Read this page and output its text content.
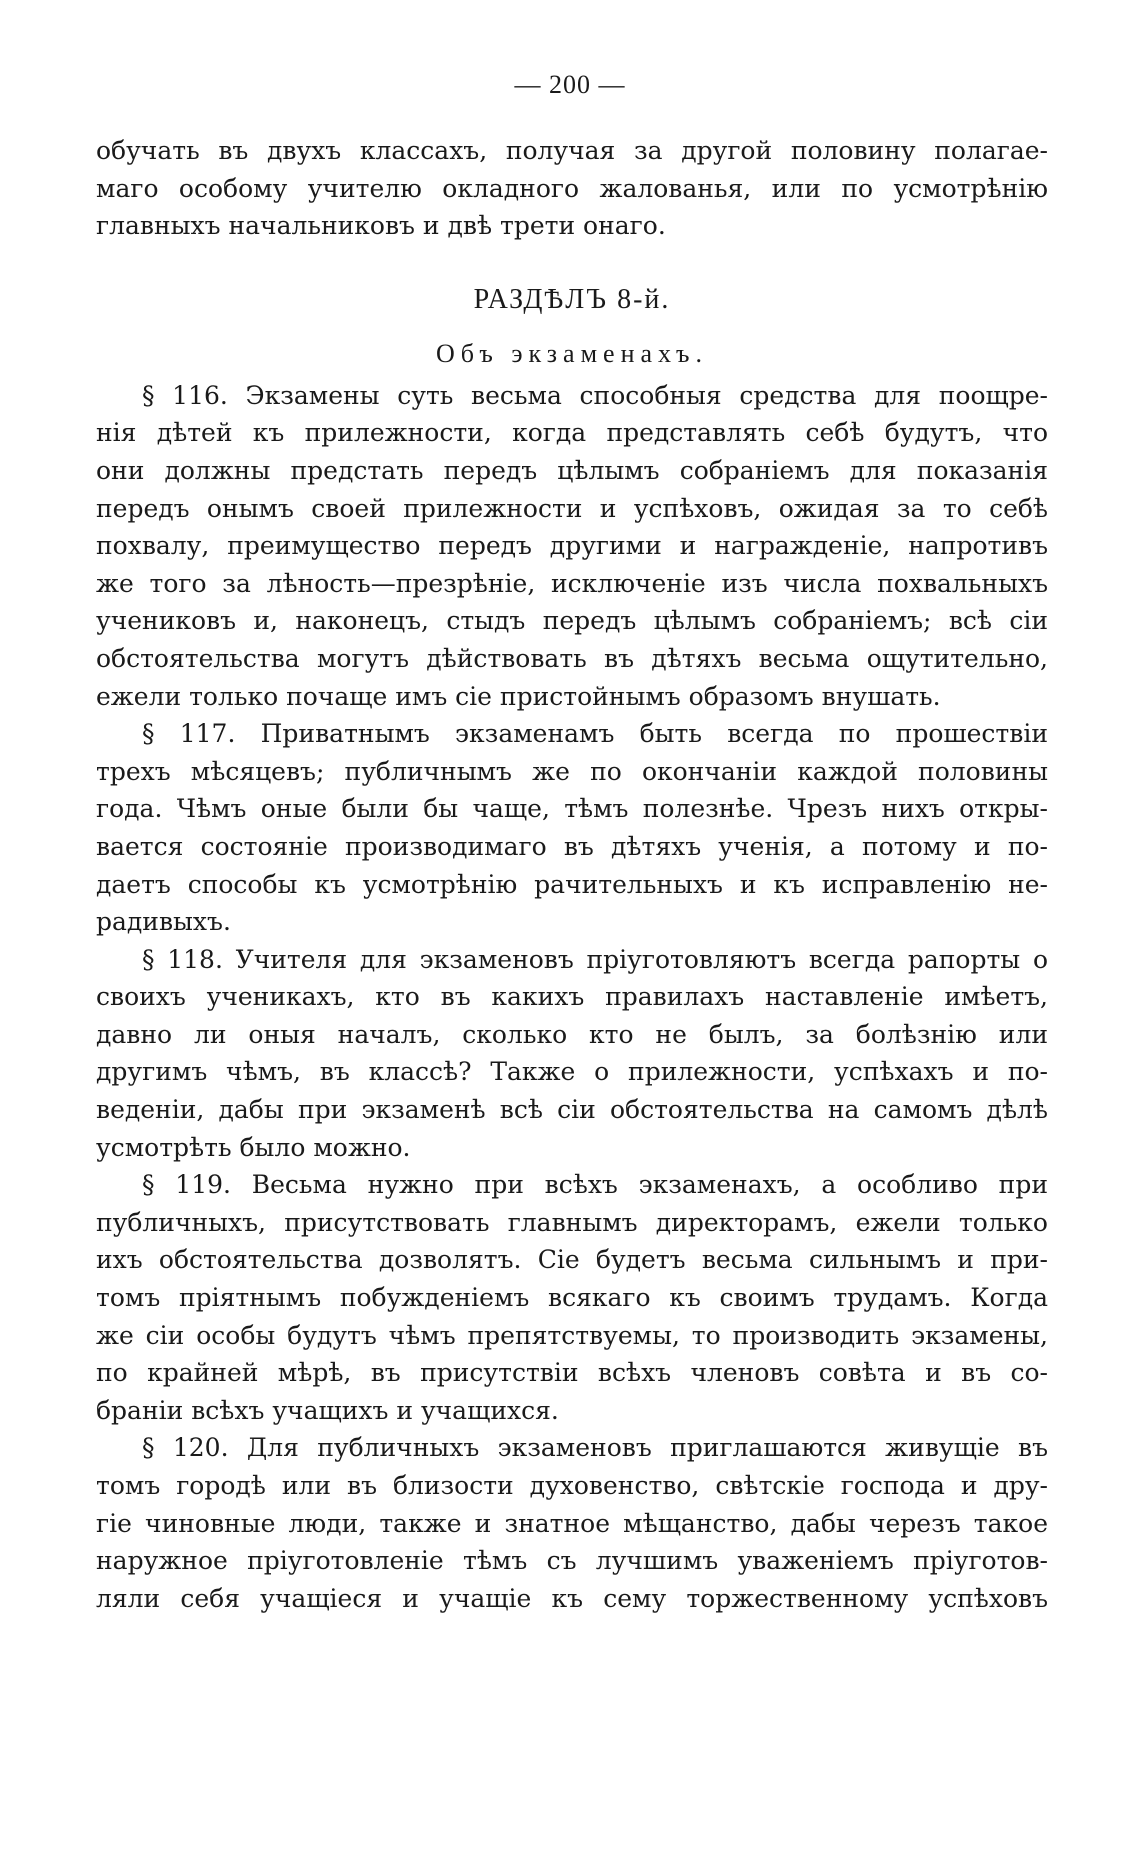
— 200 —
обучать въ двухъ классахъ, получая за другой половину полагае-
маго особому учителю окладного жалованья, или по усмотрѣнію
главныхъ начальниковъ и двѣ трети онаго.
РАЗДѢЛЪ 8-й.
Объ экзаменахъ.
§ 116. Экзамены суть весьма способныя средства для поощре-
нія дѣтей къ прилежности, когда представлять себѣ будутъ, что
они должны предстать передъ цѣлымъ собраніемъ для показанія
передъ онымъ своей прилежности и успѣховъ, ожидая за то себѣ
похвалу, преимущество передъ другими и награжденіе, напротивъ
же того за лѣность—презрѣніе, исключеніе изъ числа похвальныхъ
учениковъ и, наконецъ, стыдъ передъ цѣлымъ собраніемъ; всѣ сіи
обстоятельства могутъ дѣйствовать въ дѣтяхъ весьма ощутительно,
ежели только почаще имъ сіе пристойнымъ образомъ внушать.
§ 117. Приватнымъ экзаменамъ быть всегда по прошествіи
трехъ мѣсяцевъ; публичнымъ же по окончаніи каждой половины
года. Чѣмъ оные были бы чаще, тѣмъ полезнѣе. Чрезъ нихъ откры-
вается состояніе производимаго въ дѣтяхъ ученія, а потому и по-
даетъ способы къ усмотрѣнію рачительныхъ и къ исправленію не-
радивыхъ.
§ 118. Учителя для экзаменовъ пріуготовляютъ всегда рапорты о
своихъ ученикахъ, кто въ какихъ правилахъ наставленіе имѣетъ,
давно ли оныя началъ, сколько кто не былъ, за болѣзнію или
другимъ чѣмъ, въ классѣ? Также о прилежности, успѣхахъ и по-
веденіи, дабы при экзаменѣ всѣ сіи обстоятельства на самомъ дѣлѣ
усмотрѣть было можно.
§ 119. Весьма нужно при всѣхъ экзаменахъ, а особливо при
публичныхъ, присутствовать главнымъ директорамъ, ежели только
ихъ обстоятельства дозволятъ. Сіе будетъ весьма сильнымъ и при-
томъ пріятнымъ побужденіемъ всякаго къ своимъ трудамъ. Когда
же сіи особы будутъ чѣмъ препятствуемы, то производить экзамены,
по крайней мѣрѣ, въ присутствіи всѣхъ членовъ совѣта и въ со-
браніи всѣхъ учащихъ и учащихся.
§ 120. Для публичныхъ экзаменовъ приглашаются живущіе въ
томъ городѣ или въ близости духовенство, свѣтскіе господа и дру-
гіе чиновные люди, также и знатное мѣщанство, дабы черезъ такое
наружное пріуготовленіе тѣмъ съ лучшимъ уваженіемъ пріуготов-
ляли себя учащіеся и учащіе къ сему торжественному успѣховъ
